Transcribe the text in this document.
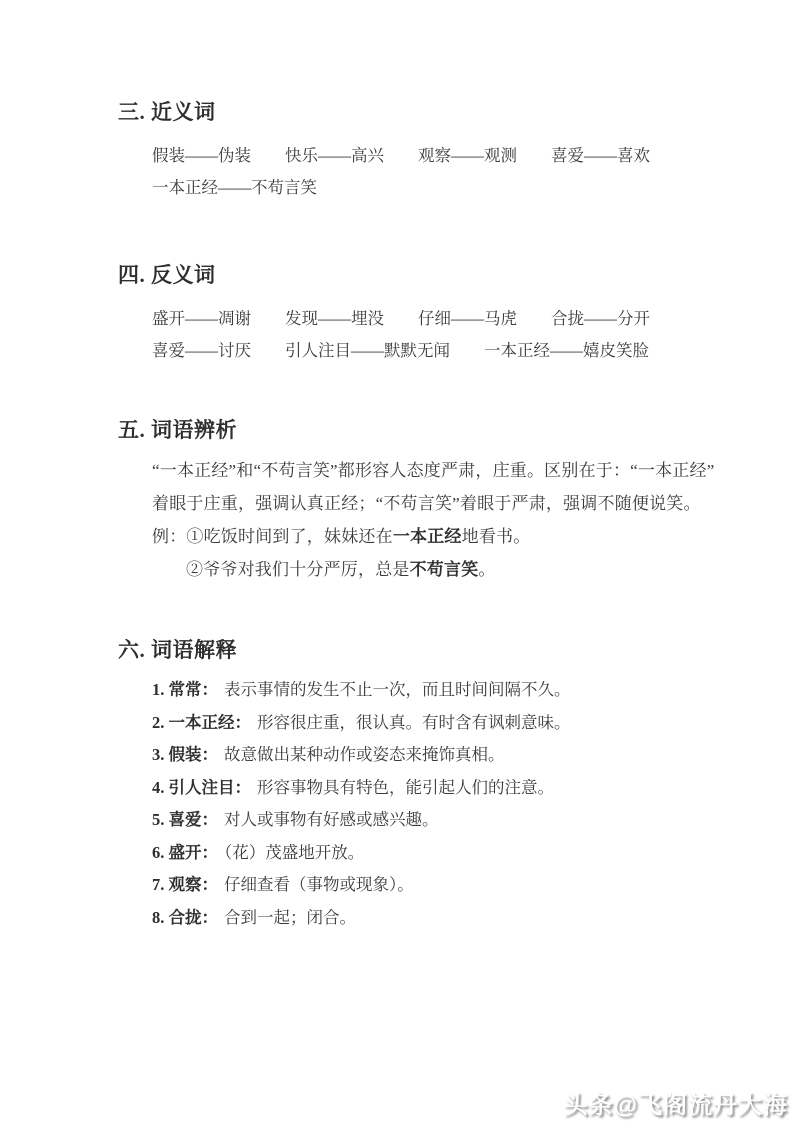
三. 近义词
假装——伪装 快乐——高兴 观察——观测 喜爱——喜欢
一本正经——不苟言笑
四. 反义词
盛开——凋谢 发现——埋没 仔细——马虎 合拢——分开
喜爱——讨厌 引人注目——默默无闻 一本正经——嬉皮笑脸
五. 词语辨析
“一本正经”和“不苟言笑”都形容人态度严肃，庄重。区别在于：“一本正经”
着眼于庄重，强调认真正经；“不苟言笑”着眼于严肃，强调不随便说笑。
例：①吃饭时间到了，妹妹还在一本正经地看书。
②爷爷对我们十分严厉，总是不苟言笑。
六. 词语解释
1. 常常： 表示事情的发生不止一次，而且时间间隔不久。
2. 一本正经： 形容很庄重，很认真。有时含有讽刺意味。
3. 假装： 故意做出某种动作或姿态来掩饰真相。
4. 引人注目： 形容事物具有特色，能引起人们的注意。
5. 喜爱： 对人或事物有好感或感兴趣。
6. 盛开： （花）茂盛地开放。
7. 观察： 仔细查看（事物或现象）。
8. 合拢： 合到一起；闭合。
头条@飞阁流丹大海
